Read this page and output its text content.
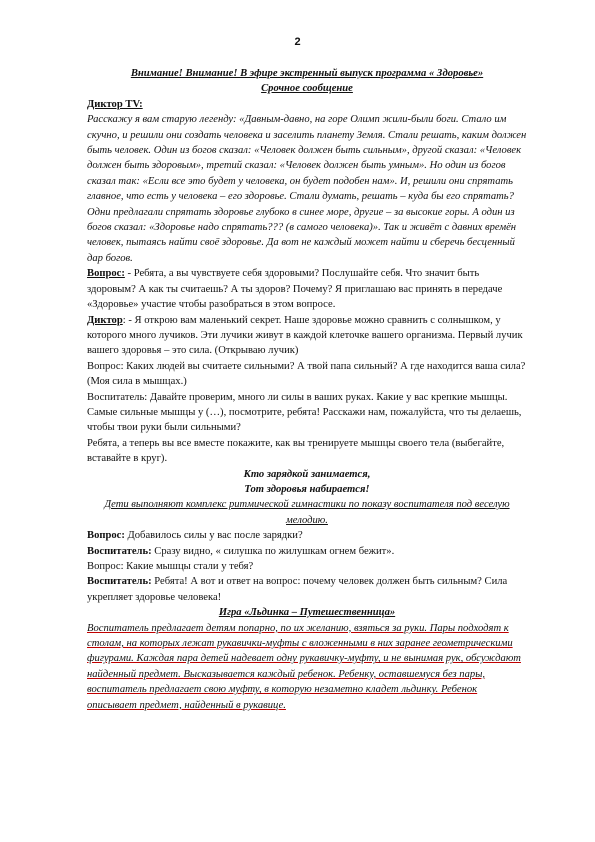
2

Внимание! Внимание! В эфире экстренный выпуск программа « Здоровье»

Срочное сообщение

Диктор TV:

Расскажу я вам старую легенду: «Давным-давно, на горе Олимп жили-были боги. Стало им скучно, и решили они создать человека и заселить планету Земля. Стали решать, каким должен быть человек. Один из богов сказал: «Человек должен быть сильным», другой сказал: «Человек должен быть здоровым», третий сказал: «Человек должен быть умным». Но один из богов сказал так: «Если все это будет у человека, он будет подобен нам». И, решили они спрятать главное, что есть у человека – его здоровье. Стали думать, решать – куда бы его спрятать? Одни предлагали спрятать здоровье глубоко в синее море, другие – за высокие горы. А один из богов сказал: «Здоровье надо спрятать??? (в самого человека)». Так и живёт с давних времён человек, пытаясь найти своё здоровье. Да вот не каждый может найти и сберечь бесценный дар богов.

Вопрос: - Ребята, а вы чувствуете себя здоровыми? Послушайте себя. Что значит быть здоровым? А как ты считаешь? А ты здоров? Почему? Я приглашаю вас принять в передаче «Здоровье» участие чтобы разобраться в этом вопросе.

Диктор: - Я открою вам маленький секрет. Наше здоровье можно сравнить с солнышком, у которого много лучиков. Эти лучики живут в каждой клеточке вашего организма. Первый лучик вашего здоровья – это сила. (Открываю лучик)

Вопрос: Каких людей вы считаете сильными? А твой папа сильный? А где находится ваша сила? (Моя сила в мышцах.)

Воспитатель: Давайте проверим, много ли силы в ваших руках. Какие у вас крепкие мышцы. Самые сильные мышцы у (…), посмотрите, ребята! Расскажи нам, пожалуйста, что ты делаешь, чтобы твои руки были сильными?

Ребята, а теперь вы все вместе покажите, как вы тренируете мышцы своего тела (выбегайте, вставайте в круг).

Кто зарядкой занимается,

Тот здоровья набирается!

Дети выполняют комплекс ритмической гимнастики по показу воспитателя под веселую мелодию.

Вопрос: Добавилось силы у вас после зарядки?

Воспитатель: Сразу видно, « силушка по жилушкам огнем бежит».

Вопрос: Какие мышцы стали у тебя?

Воспитатель: Ребята! А вот и ответ на вопрос: почему человек должен быть сильным? Сила укрепляет здоровье человека!

Игра «Льдинка – Путешественница»

Воспитатель предлагает детям попарно, по их желанию, взяться за руки. Пары подходят к столам, на которых лежат рукавички-муфты с вложенными в них заранее геометрическими фигурами. Каждая пара детей надевает одну рукавичку-муфту, и не вынимая рук, обсуждают найденный предмет. Высказывается каждый ребенок. Ребенку, оставшемуся без пары, воспитатель предлагает свою муфту, в которую незаметно кладет льдинку. Ребенок описывает предмет, найденный в рукавице.
